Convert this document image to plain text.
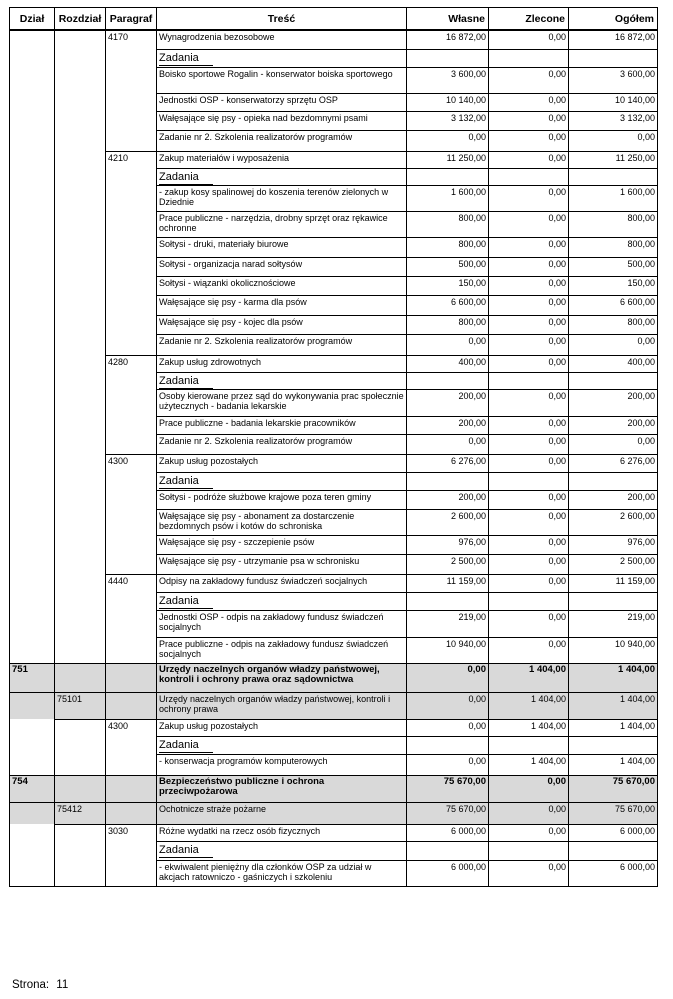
Dział	Rozdział	Paragraf	Treść	Własne	Zlecone	Ogółem
		4170	Wynagrodzenia bezosobowe	16 872,00	0,00	16 872,00
			Zadania			
			Boisko sportowe Rogalin - konserwator boiska sportowego	3 600,00	0,00	3 600,00
			Jednostki OSP - konserwatorzy sprzętu OSP	10 140,00	0,00	10 140,00
			Wałęsające się psy - opieka nad bezdomnymi psami	3 132,00	0,00	3 132,00
			Zadanie nr 2. Szkolenia realizatorów programów	0,00	0,00	0,00
		4210	Zakup materiałów i wyposażenia	11 250,00	0,00	11 250,00
			Zadania			
			- zakup kosy spalinowej do koszenia terenów zielonych w Dziednie	1 600,00	0,00	1 600,00
			Prace publiczne - narzędzia, drobny sprzęt oraz rękawice ochronne	800,00	0,00	800,00
			Sołtysi - druki, materiały biurowe	800,00	0,00	800,00
			Sołtysi - organizacja narad sołtysów	500,00	0,00	500,00
			Sołtysi - wiązanki okolicznościowe	150,00	0,00	150,00
			Wałęsające się psy - karma dla psów	6 600,00	0,00	6 600,00
			Wałęsające się psy - kojec dla psów	800,00	0,00	800,00
			Zadanie nr 2. Szkolenia realizatorów programów	0,00	0,00	0,00
		4280	Zakup usług zdrowotnych	400,00	0,00	400,00
			Zadania			
			Osoby kierowane przez sąd do wykonywania prac społecznie użytecznych - badania lekarskie	200,00	0,00	200,00
			Prace publiczne - badania lekarskie pracowników	200,00	0,00	200,00
			Zadanie nr 2. Szkolenia realizatorów programów	0,00	0,00	0,00
		4300	Zakup usług pozostałych	6 276,00	0,00	6 276,00
			Zadania			
			Sołtysi - podróże służbowe krajowe poza teren gminy	200,00	0,00	200,00
			Wałęsające się psy - abonament za dostarczenie bezdomnych psów i kotów do schroniska	2 600,00	0,00	2 600,00
			Wałęsające się psy - szczepienie psów	976,00	0,00	976,00
			Wałęsające się psy - utrzymanie psa w schronisku	2 500,00	0,00	2 500,00
		4440	Odpisy na zakładowy fundusz świadczeń socjalnych	11 159,00	0,00	11 159,00
			Zadania			
			Jednostki OSP - odpis na zakładowy fundusz świadczeń socjalnych	219,00	0,00	219,00
			Prace publiczne - odpis na zakładowy fundusz świadczeń socjalnych	10 940,00	0,00	10 940,00
751			Urzędy naczelnych organów władzy państwowej, kontroli i ochrony prawa oraz sądownictwa	0,00	1 404,00	1 404,00
	75101		Urzędy naczelnych organów władzy państwowej, kontroli i ochrony prawa	0,00	1 404,00	1 404,00
		4300	Zakup usług pozostałych	0,00	1 404,00	1 404,00
			Zadania			
			- konserwacja programów komputerowych	0,00	1 404,00	1 404,00
754			Bezpieczeństwo publiczne i ochrona przeciwpożarowa	75 670,00	0,00	75 670,00
	75412		Ochotnicze straże pożarne	75 670,00	0,00	75 670,00
		3030	Różne wydatki na rzecz osób fizycznych	6 000,00	0,00	6 000,00
			Zadania			
			- ekwiwalent pieniężny dla członków OSP za udział w akcjach ratowniczo - gaśniczych i szkoleniu	6 000,00	0,00	6 000,00
Strona: 11
